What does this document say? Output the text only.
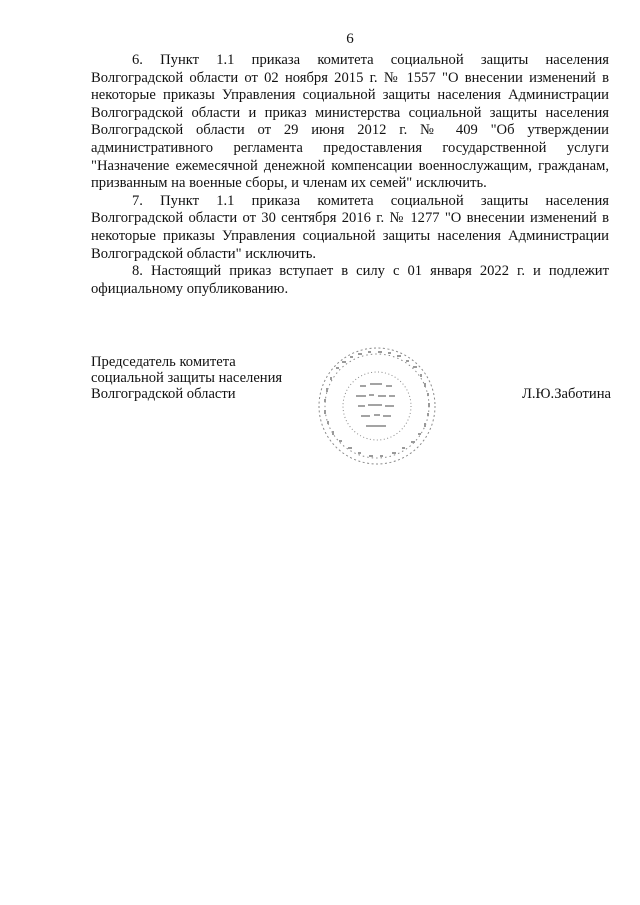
6

6. Пункт 1.1 приказа комитета социальной защиты населения Волгоградской области от 02 ноября 2015 г. № 1557 "О внесении изменений в некоторые приказы Управления социальной защиты населения Администрации Волгоградской области и приказ министерства социальной защиты населения Волгоградской области от 29 июня 2012 г. № 409 "Об утверждении административного регламента предоставления государственной услуги "Назначение ежемесячной денежной компенсации военнослужащим, гражданам, призванным на военные сборы, и членам их семей" исключить.

7. Пункт 1.1 приказа комитета социальной защиты населения Волгоградской области от 30 сентября 2016 г. № 1277 "О внесении изменений в некоторые приказы Управления социальной защиты населения Администрации Волгоградской области" исключить.

8. Настоящий приказ вступает в силу с 01 января 2022 г. и подлежит официальному опубликованию.

Председатель комитета
социальной защиты населения
Волгоградской области	Л.Ю.Заботина
